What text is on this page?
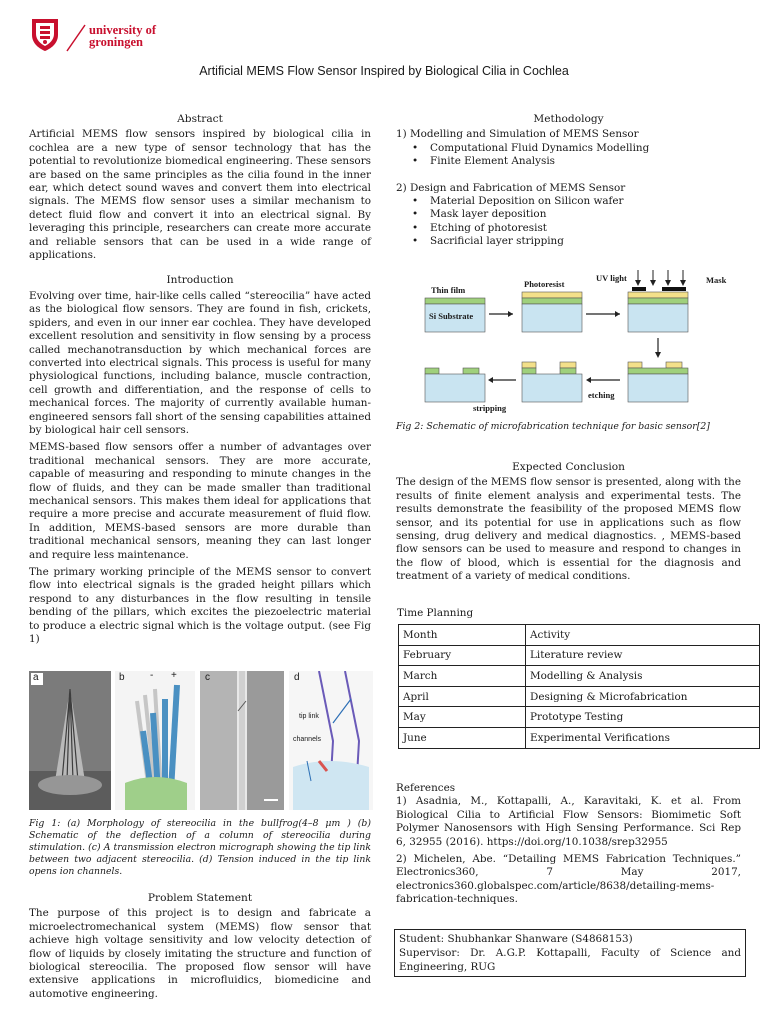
university of
groningen
Artificial MEMS Flow Sensor Inspired by Biological Cilia in Cochlea
Abstract

Artificial MEMS flow sensors inspired by biological cilia in cochlea are a new type of sensor technology that has the potential to revolutionize biomedical engineering. These sensors are based on the same principles as the cilia found in the inner ear, which detect sound waves and convert them into electrical signals. The MEMS flow sensor uses a similar mechanism to detect fluid flow and convert it into an electrical signal. By leveraging this principle, researchers can create more accurate and reliable sensors that can be used in a wide range of applications.

Introduction

Evolving over time, hair-like cells called “stereocilia” have acted as the biological flow sensors. They are found in fish, crickets, spiders, and even in our inner ear cochlea. They have developed excellent resolution and sensitivity in flow sensing by a process called mechanotransduction by which mechanical forces are converted into electrical signals. This process is useful for many physiological functions, including balance, muscle contraction, cell growth and differentiation, and the response of cells to mechanical forces. The majority of currently available human-engineered sensors fall short of the sensing capabilities attained by biological hair cell sensors.

MEMS-based flow sensors offer a number of advantages over traditional mechanical sensors. They are more accurate, capable of measuring and responding to minute changes in the flow of fluids, and they can be made smaller than traditional mechanical sensors. This makes them ideal for applications that require a more precise and accurate measurement of fluid flow. In addition, MEMS-based sensors are more durable than traditional mechanical sensors, meaning they can last longer and require less maintenance.

The primary working principle of the MEMS sensor to convert flow into electrical signals is the graded height pillars which respond to any disturbances in the flow resulting in tensile bending of the pillars, which excites the piezoelectric material to produce a electric signal which is the voltage output. (see Fig 1)

a	b	- +	c	d
tip link
channels
Fig 1: (a) Morphology of stereocilia in the bullfrog(4–8 μm ) (b) Schematic of the deflection of a column of stereocilia during stimulation. (c) A transmission electron micrograph showing the tip link between two adjacent stereocilia. (d) Tension induced in the tip link opens ion channels.
Problem Statement

The purpose of this project is to design and fabricate a microelectromechanical system (MEMS) flow sensor that achieve high voltage sensitivity and low velocity detection of flow of liquids by closely imitating the structure and function of biological stereocilia. The proposed flow sensor will have extensive applications in microfluidics, biomedicine and automotive engineering.

Methodology
1) Modelling and Simulation of MEMS Sensor
• Computational Fluid Dynamics Modelling
• Finite Element Analysis
2) Design and Fabrication of MEMS Sensor
• Material Deposition on Silicon wafer
• Mask layer deposition
• Etching of photoresist
• Sacrificial layer stripping
Thin film
Si Substrate
Photoresist
UV light	Mask
etching
stripping
Fig 2: Schematic of microfabrication technique for basic sensor[2]
Expected Conclusion

The design of the MEMS flow sensor is presented, along with the results of finite element analysis and experimental tests. The results demonstrate the feasibility of the proposed MEMS flow sensor, and its potential for use in applications such as flow sensing, drug delivery and medical diagnostics. , MEMS-based flow sensors can be used to measure and respond to changes in the flow of blood, which is essential for the diagnosis and treatment of a variety of medical conditions.

Time Planning
Month	Activity
February	Literature review
March	Modelling & Analysis
April	Designing & Microfabrication
May	Prototype Testing
June	Experimental Verifications
References

1) Asadnia, M., Kottapalli, A., Karavitaki, K. et al. From Biological Cilia to Artificial Flow Sensors: Biomimetic Soft Polymer Nanosensors with High Sensing Performance. Sci Rep 6, 32955 (2016). https://doi.org/10.1038/srep32955

2) Michelen, Abe. “Detailing MEMS Fabrication Techniques.” Electronics360, 7 May 2017, electronics360.globalspec.com/article/8638/detailing-mems-fabrication-techniques.

Student: Shubhankar Shanware (S4868153)
Supervisor: Dr. A.G.P. Kottapalli, Faculty of Science and Engineering, RUG
